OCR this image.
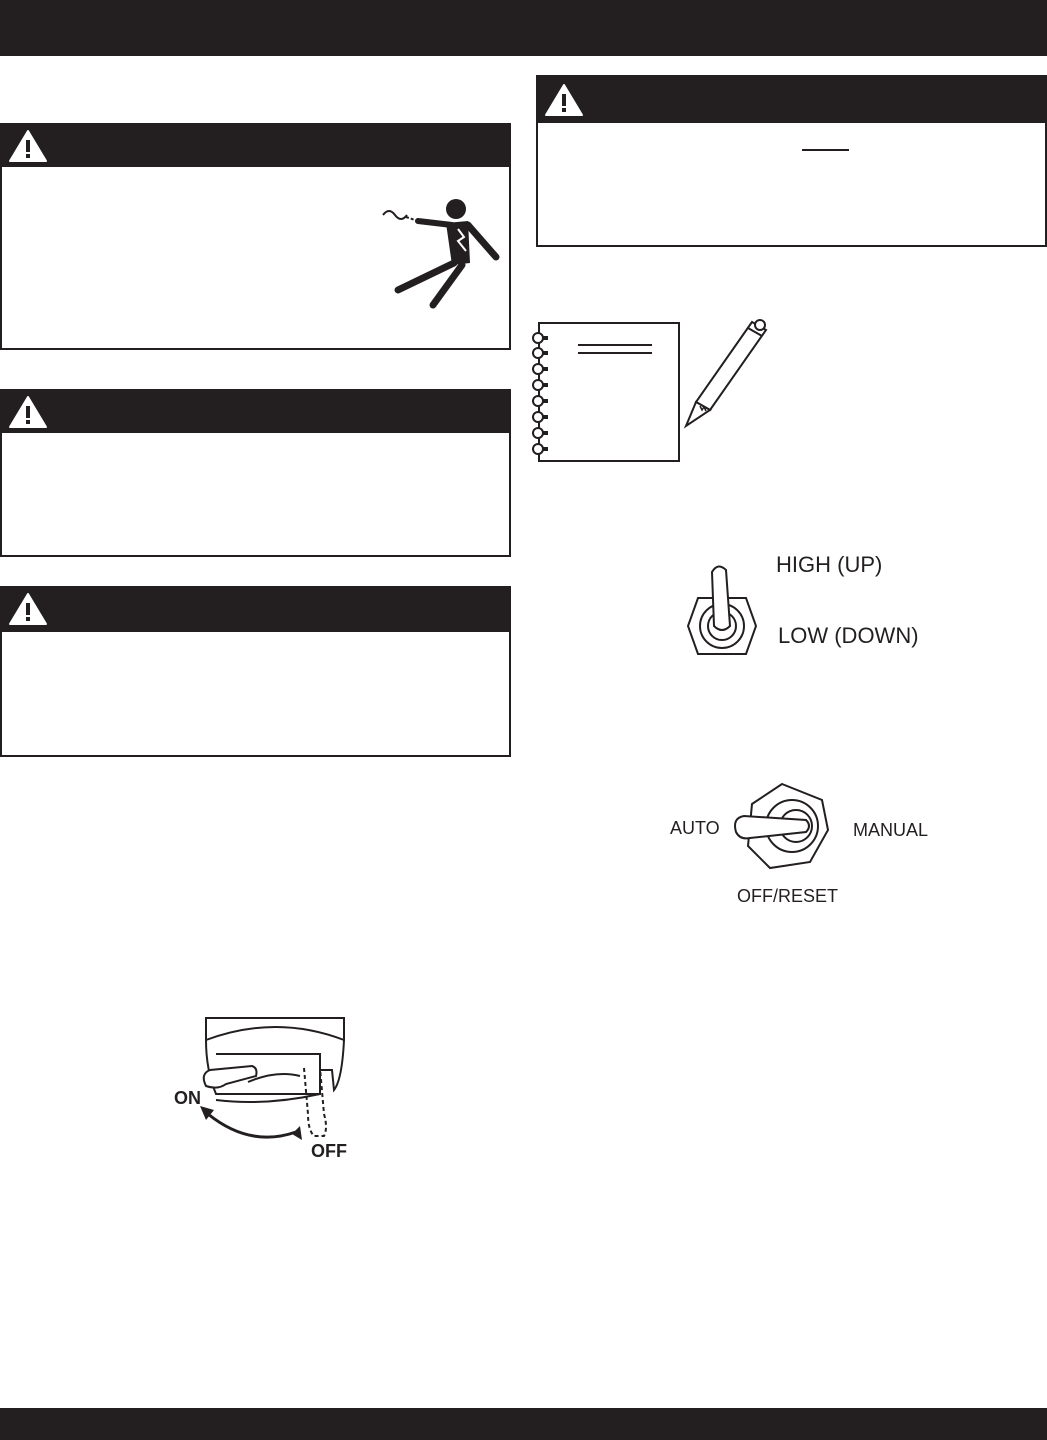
HIGH (UP)
LOW (DOWN)
AUTO	MANUAL
OFF/RESET
ON
OFF
